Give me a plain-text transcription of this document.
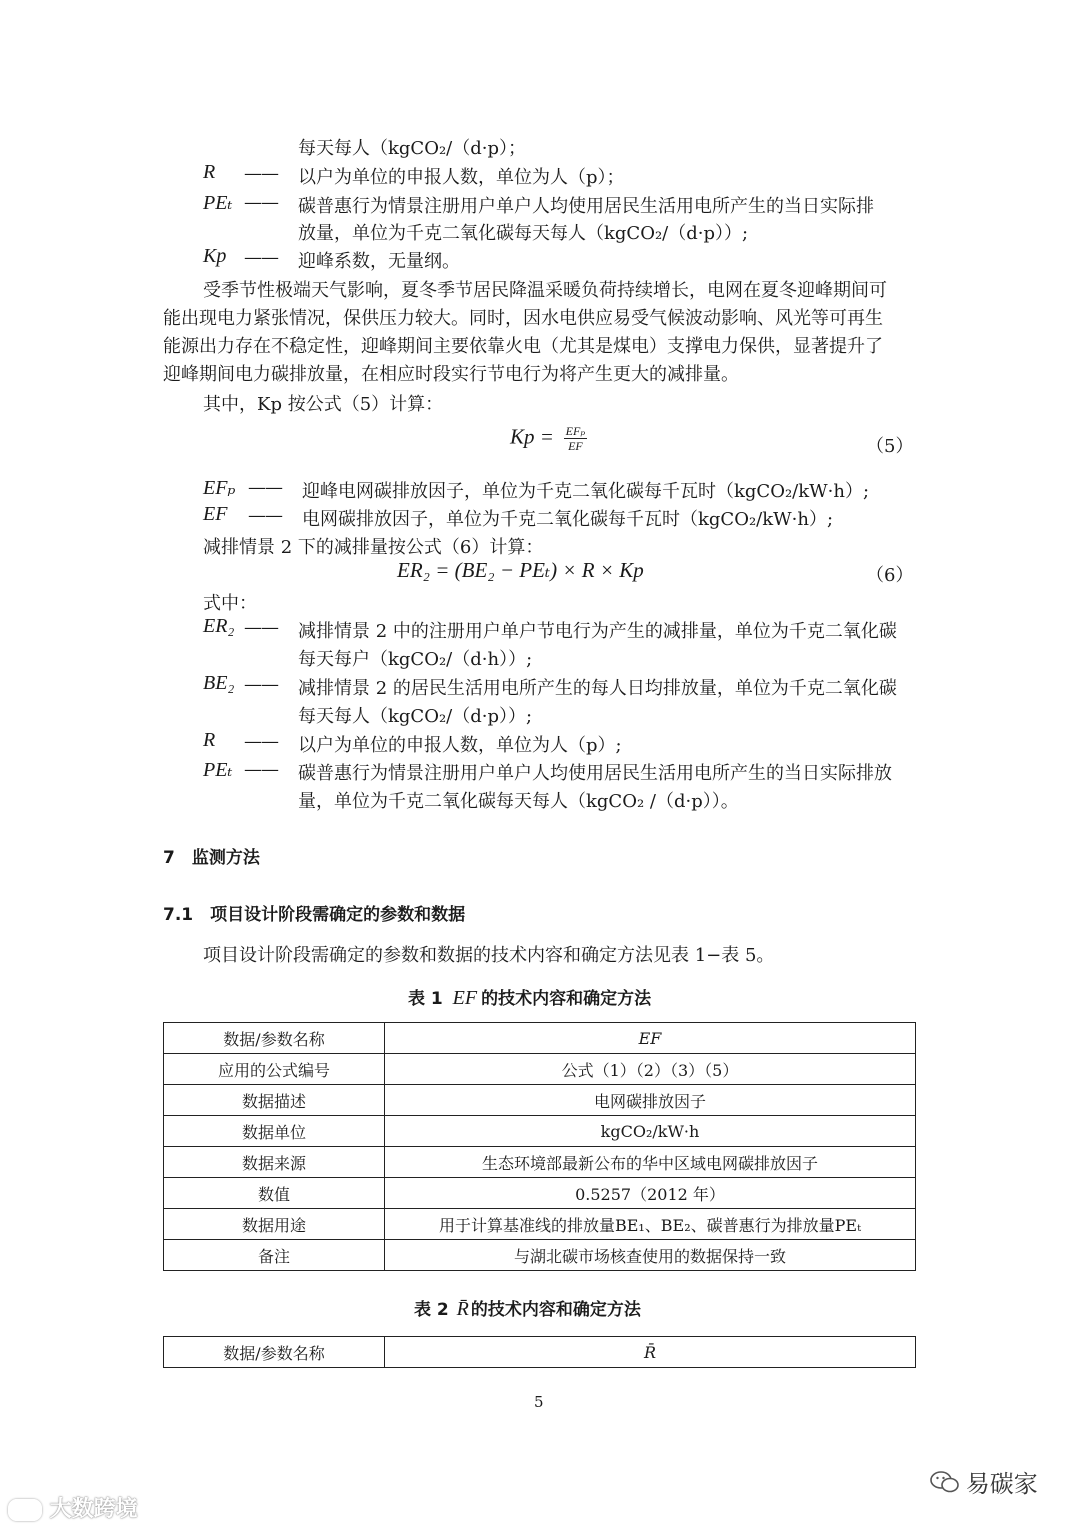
每天每人（kgCO₂/（d·p）；
R —— 以户为单位的申报人数，单位为人（p）；
PEₜ —— 碳普惠行为情景注册用户单户人均使用居民生活用电所产生的当日实际排
放量，单位为千克二氧化碳每天每人（kgCO₂/（d·p））;
Kp —— 迎峰系数，无量纲。
受季节性极端天气影响，夏冬季节居民降温采暖负荷持续增长，电网在夏冬迎峰期间可
能出现电力紧张情况，保供压力较大。同时，因水电供应易受气候波动影响、风光等可再生
能源出力存在不稳定性，迎峰期间主要依靠火电（尤其是煤电）支撑电力保供，显著提升了
迎峰期间电力碳排放量，在相应时段实行节电行为将产生更大的减排量。
其中，Kp 按公式（5）计算：
$Kp = \frac{\text{EFₚ}}{EF}$	（5）
EFₚ —— 迎峰电网碳排放因子，单位为千克二氧化碳每千瓦时（kgCO₂/kW·h）;
EF —— 电网碳排放因子，单位为千克二氧化碳每千瓦时（kgCO₂/kW·h）;
减排情景 2 下的减排量按公式（6）计算：
ER₂ = (BE₂ − PEₜ) × R × Kp	（6）
式中：
ER₂ —— 减排情景 2 中的注册用户单户节电行为产生的减排量，单位为千克二氧化碳
每天每户（kgCO₂/（d·h））;
BE₂ —— 减排情景 2 的居民生活用电所产生的每人日均排放量，单位为千克二氧化碳
每天每人（kgCO₂/（d·p））;
R —— 以户为单位的申报人数，单位为人（p）;
PEₜ —— 碳普惠行为情景注册用户单户人均使用居民生活用电所产生的当日实际排放
量，单位为千克二氧化碳每天每人（kgCO₂ /（d·p））。
7　监测方法
7.1　项目设计阶段需确定的参数和数据
项目设计阶段需确定的参数和数据的技术内容和确定方法见表 1−表 5。
表 1 EF 的技术内容和确定方法
数据/参数名称	EF
应用的公式编号	公式（1）（2）（3）（5）
数据描述	电网碳排放因子
数据单位	kgCO₂/kW·h
数据来源	生态环境部最新公布的华中区域电网碳排放因子
数值	0.5257（2012 年）
数据用途	用于计算基准线的排放量BE₁、BE₂、碳普惠行为排放量PEₜ
备注	与湖北碳市场核查使用的数据保持一致
表 2 R̄ 的技术内容和确定方法
数据/参数名称	R̄
5
大数跨境
易碳家
